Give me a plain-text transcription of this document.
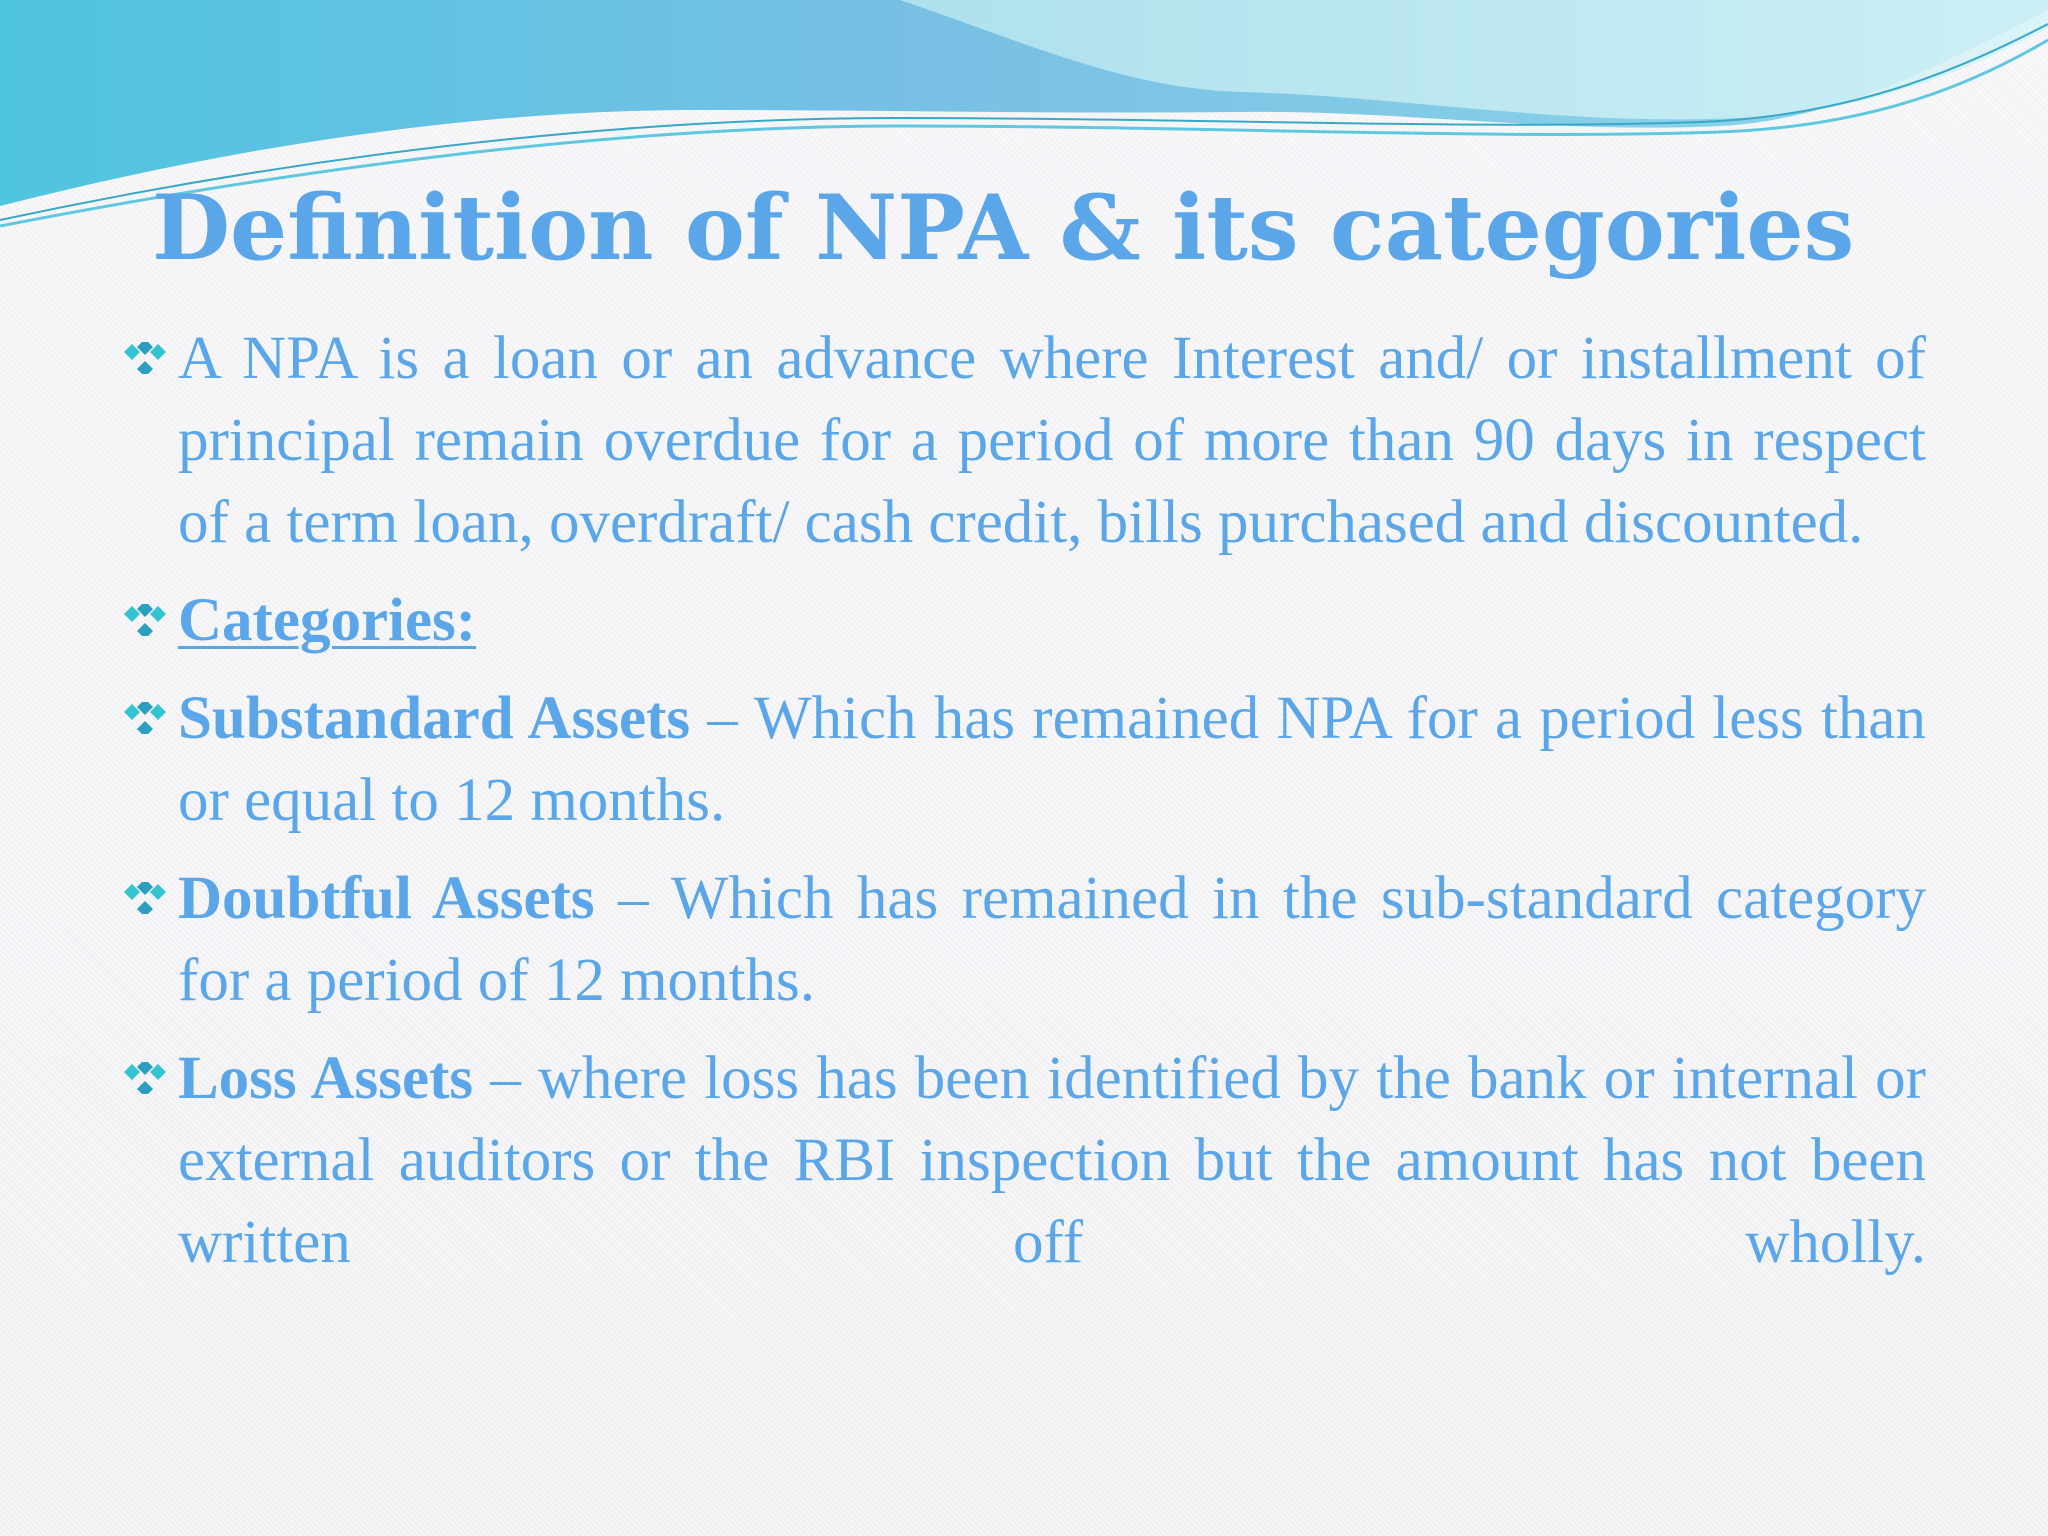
Definition of NPA & its categories
A NPA is a loan or an advance where Interest and/ or installment of principal remain overdue for a period of more than 90 days in respect of a term loan, overdraft/ cash credit, bills purchased and discounted.
Categories:
Substandard Assets – Which has remained NPA for a period less than or equal to 12 months.
Doubtful Assets – Which has remained in the sub-standard category for a period of 12 months.
Loss Assets – where loss has been identified by the bank or internal or external auditors or the RBI inspection but the amount has not been written off wholly.
